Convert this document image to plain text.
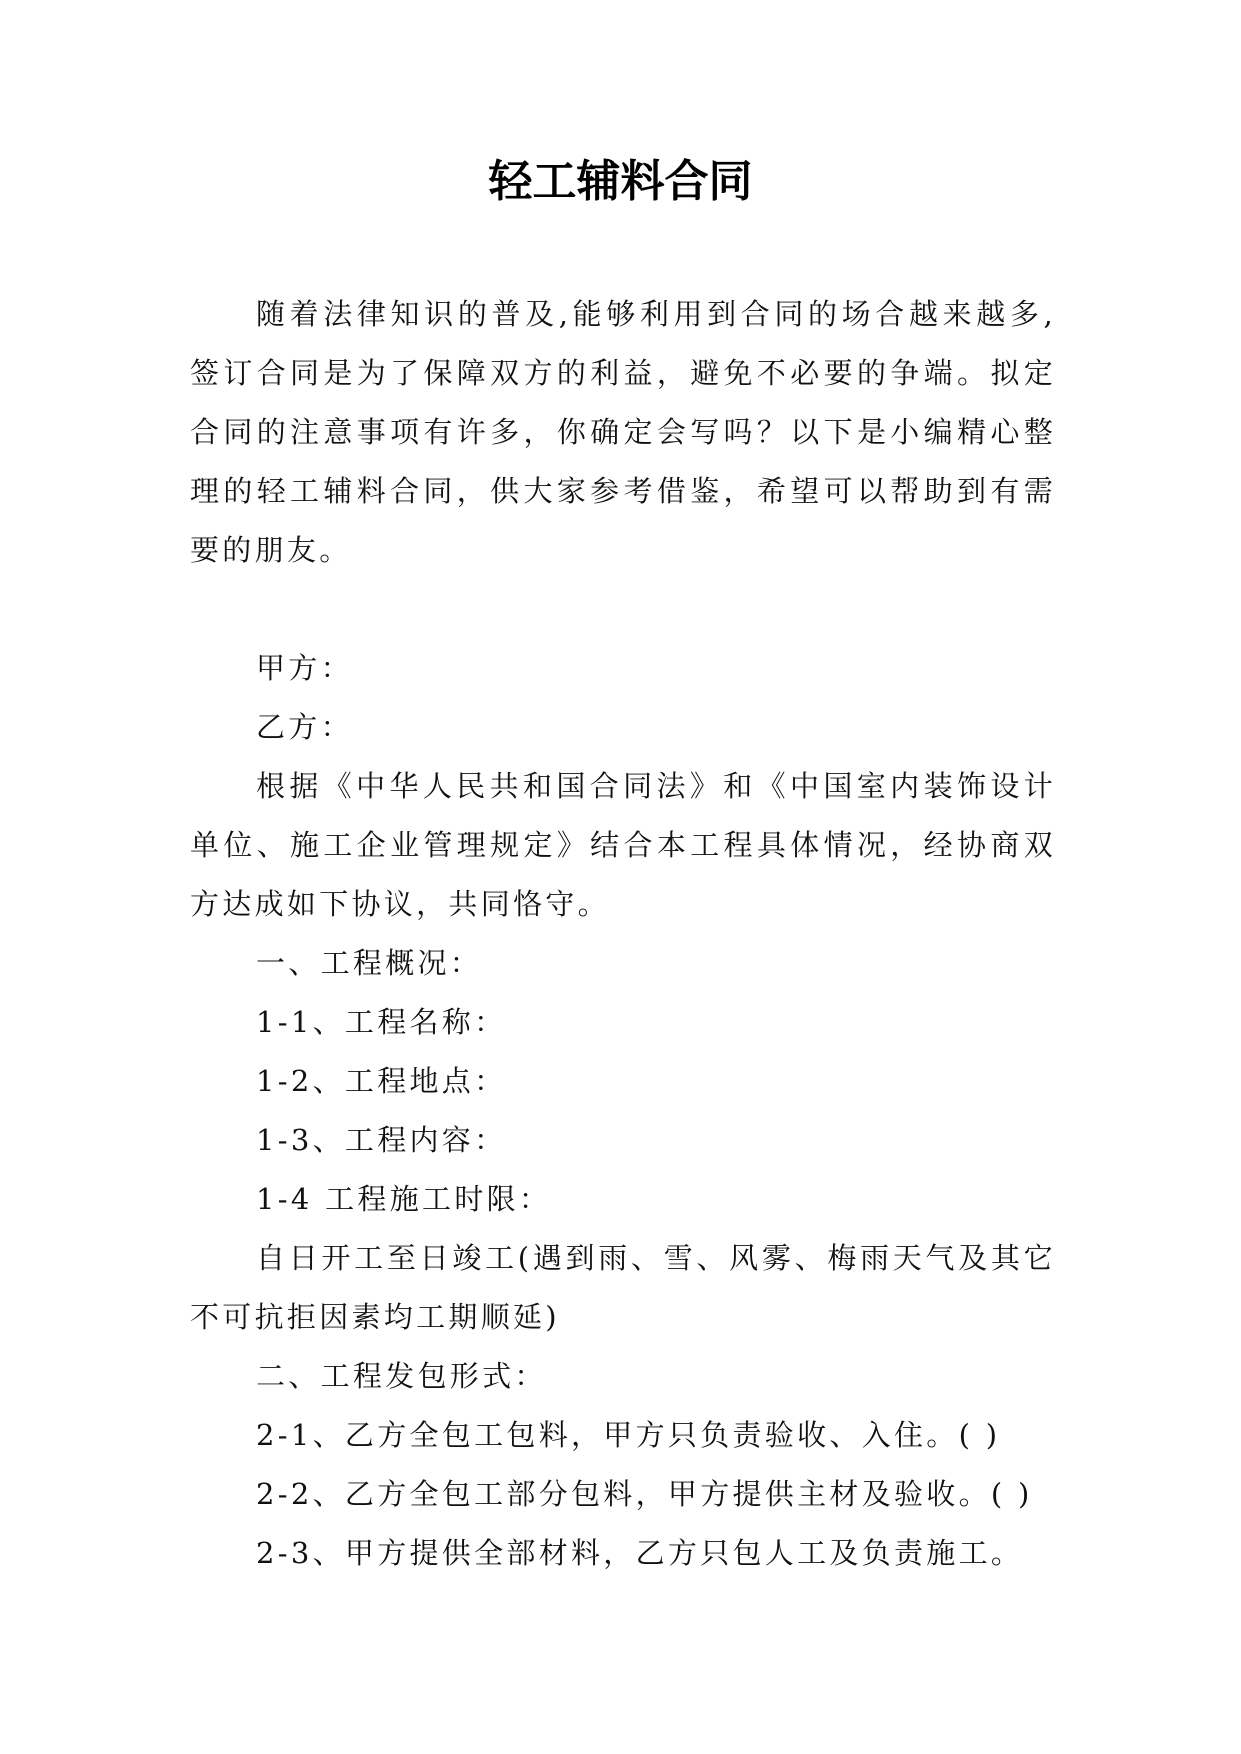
轻工辅料合同

随着法律知识的普及,能够利用到合同的场合越来越多,签订合同是为了保障双方的利益，避免不必要的争端。拟定合同的注意事项有许多，你确定会写吗？以下是小编精心整理的轻工辅料合同，供大家参考借鉴，希望可以帮助到有需要的朋友。

甲方：

乙方：

根据《中华人民共和国合同法》和《中国室内装饰设计单位、施工企业管理规定》结合本工程具体情况，经协商双方达成如下协议，共同恪守。

一、工程概况：

1-1、工程名称：

1-2、工程地点：

1-3、工程内容：

1-4 工程施工时限：

自日开工至日竣工(遇到雨、雪、风雾、梅雨天气及其它不可抗拒因素均工期顺延)

二、工程发包形式：

2-1、乙方全包工包料，甲方只负责验收、入住。( )

2-2、乙方全包工部分包料，甲方提供主材及验收。( )

2-3、甲方提供全部材料，乙方只包人工及负责施工。
